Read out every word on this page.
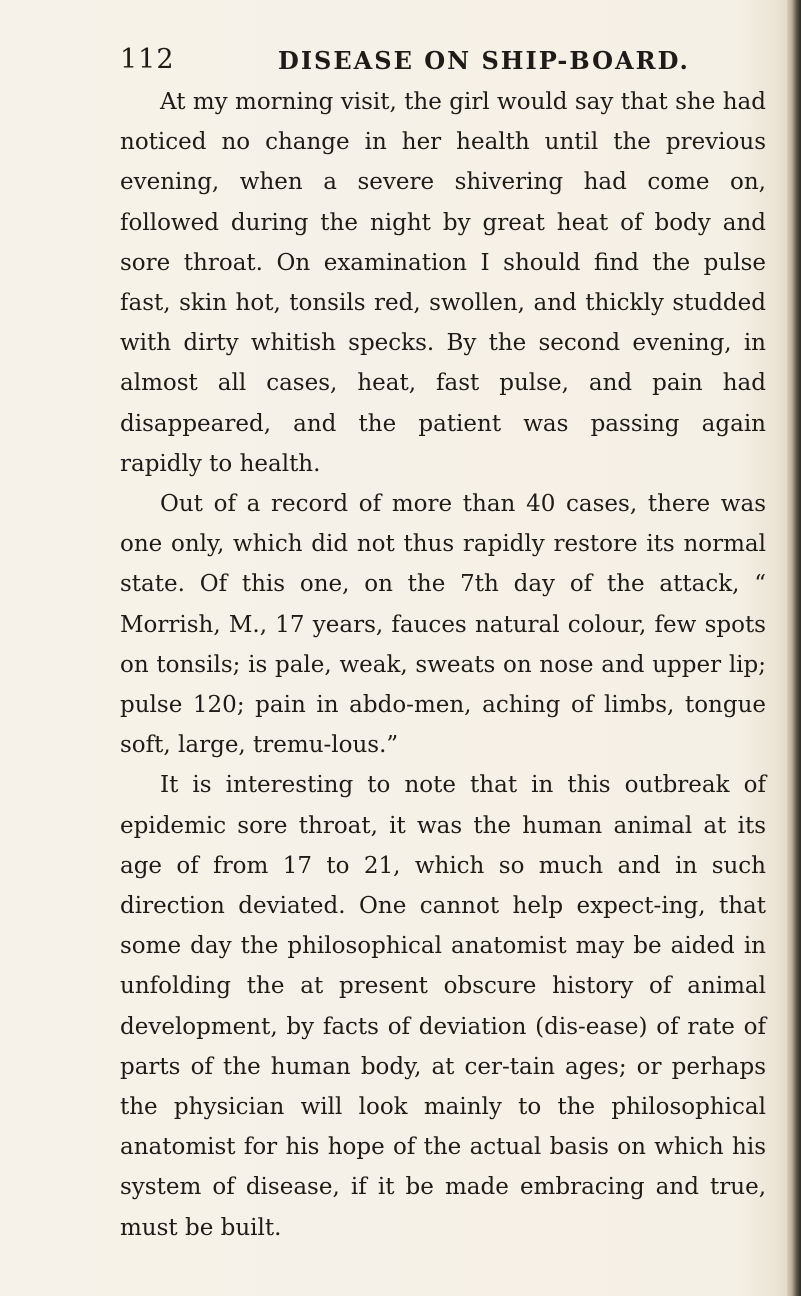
112	DISEASE ON SHIP-BOARD.

At my morning visit, the girl would say that she had noticed no change in her health until the previous evening, when a severe shivering had come on, followed during the night by great heat of body and sore throat. On examination I should find the pulse fast, skin hot, tonsils red, swollen, and thickly studded with dirty whitish specks. By the second evening, in almost all cases, heat, fast pulse, and pain had disappeared, and the patient was passing again rapidly to health.

Out of a record of more than 40 cases, there was one only, which did not thus rapidly restore its normal state. Of this one, on the 7th day of the attack, “ Morrish, M., 17 years, fauces natural colour, few spots on tonsils; is pale, weak, sweats on nose and upper lip; pulse 120; pain in abdo-men, aching of limbs, tongue soft, large, tremu-lous.”

It is interesting to note that in this outbreak of epidemic sore throat, it was the human animal at its age of from 17 to 21, which so much and in such direction deviated. One cannot help expect-ing, that some day the philosophical anatomist may be aided in unfolding the at present obscure history of animal development, by facts of deviation (dis-ease) of rate of parts of the human body, at cer-tain ages; or perhaps the physician will look mainly to the philosophical anatomist for his hope of the actual basis on which his system of disease, if it be made embracing and true, must be built.
